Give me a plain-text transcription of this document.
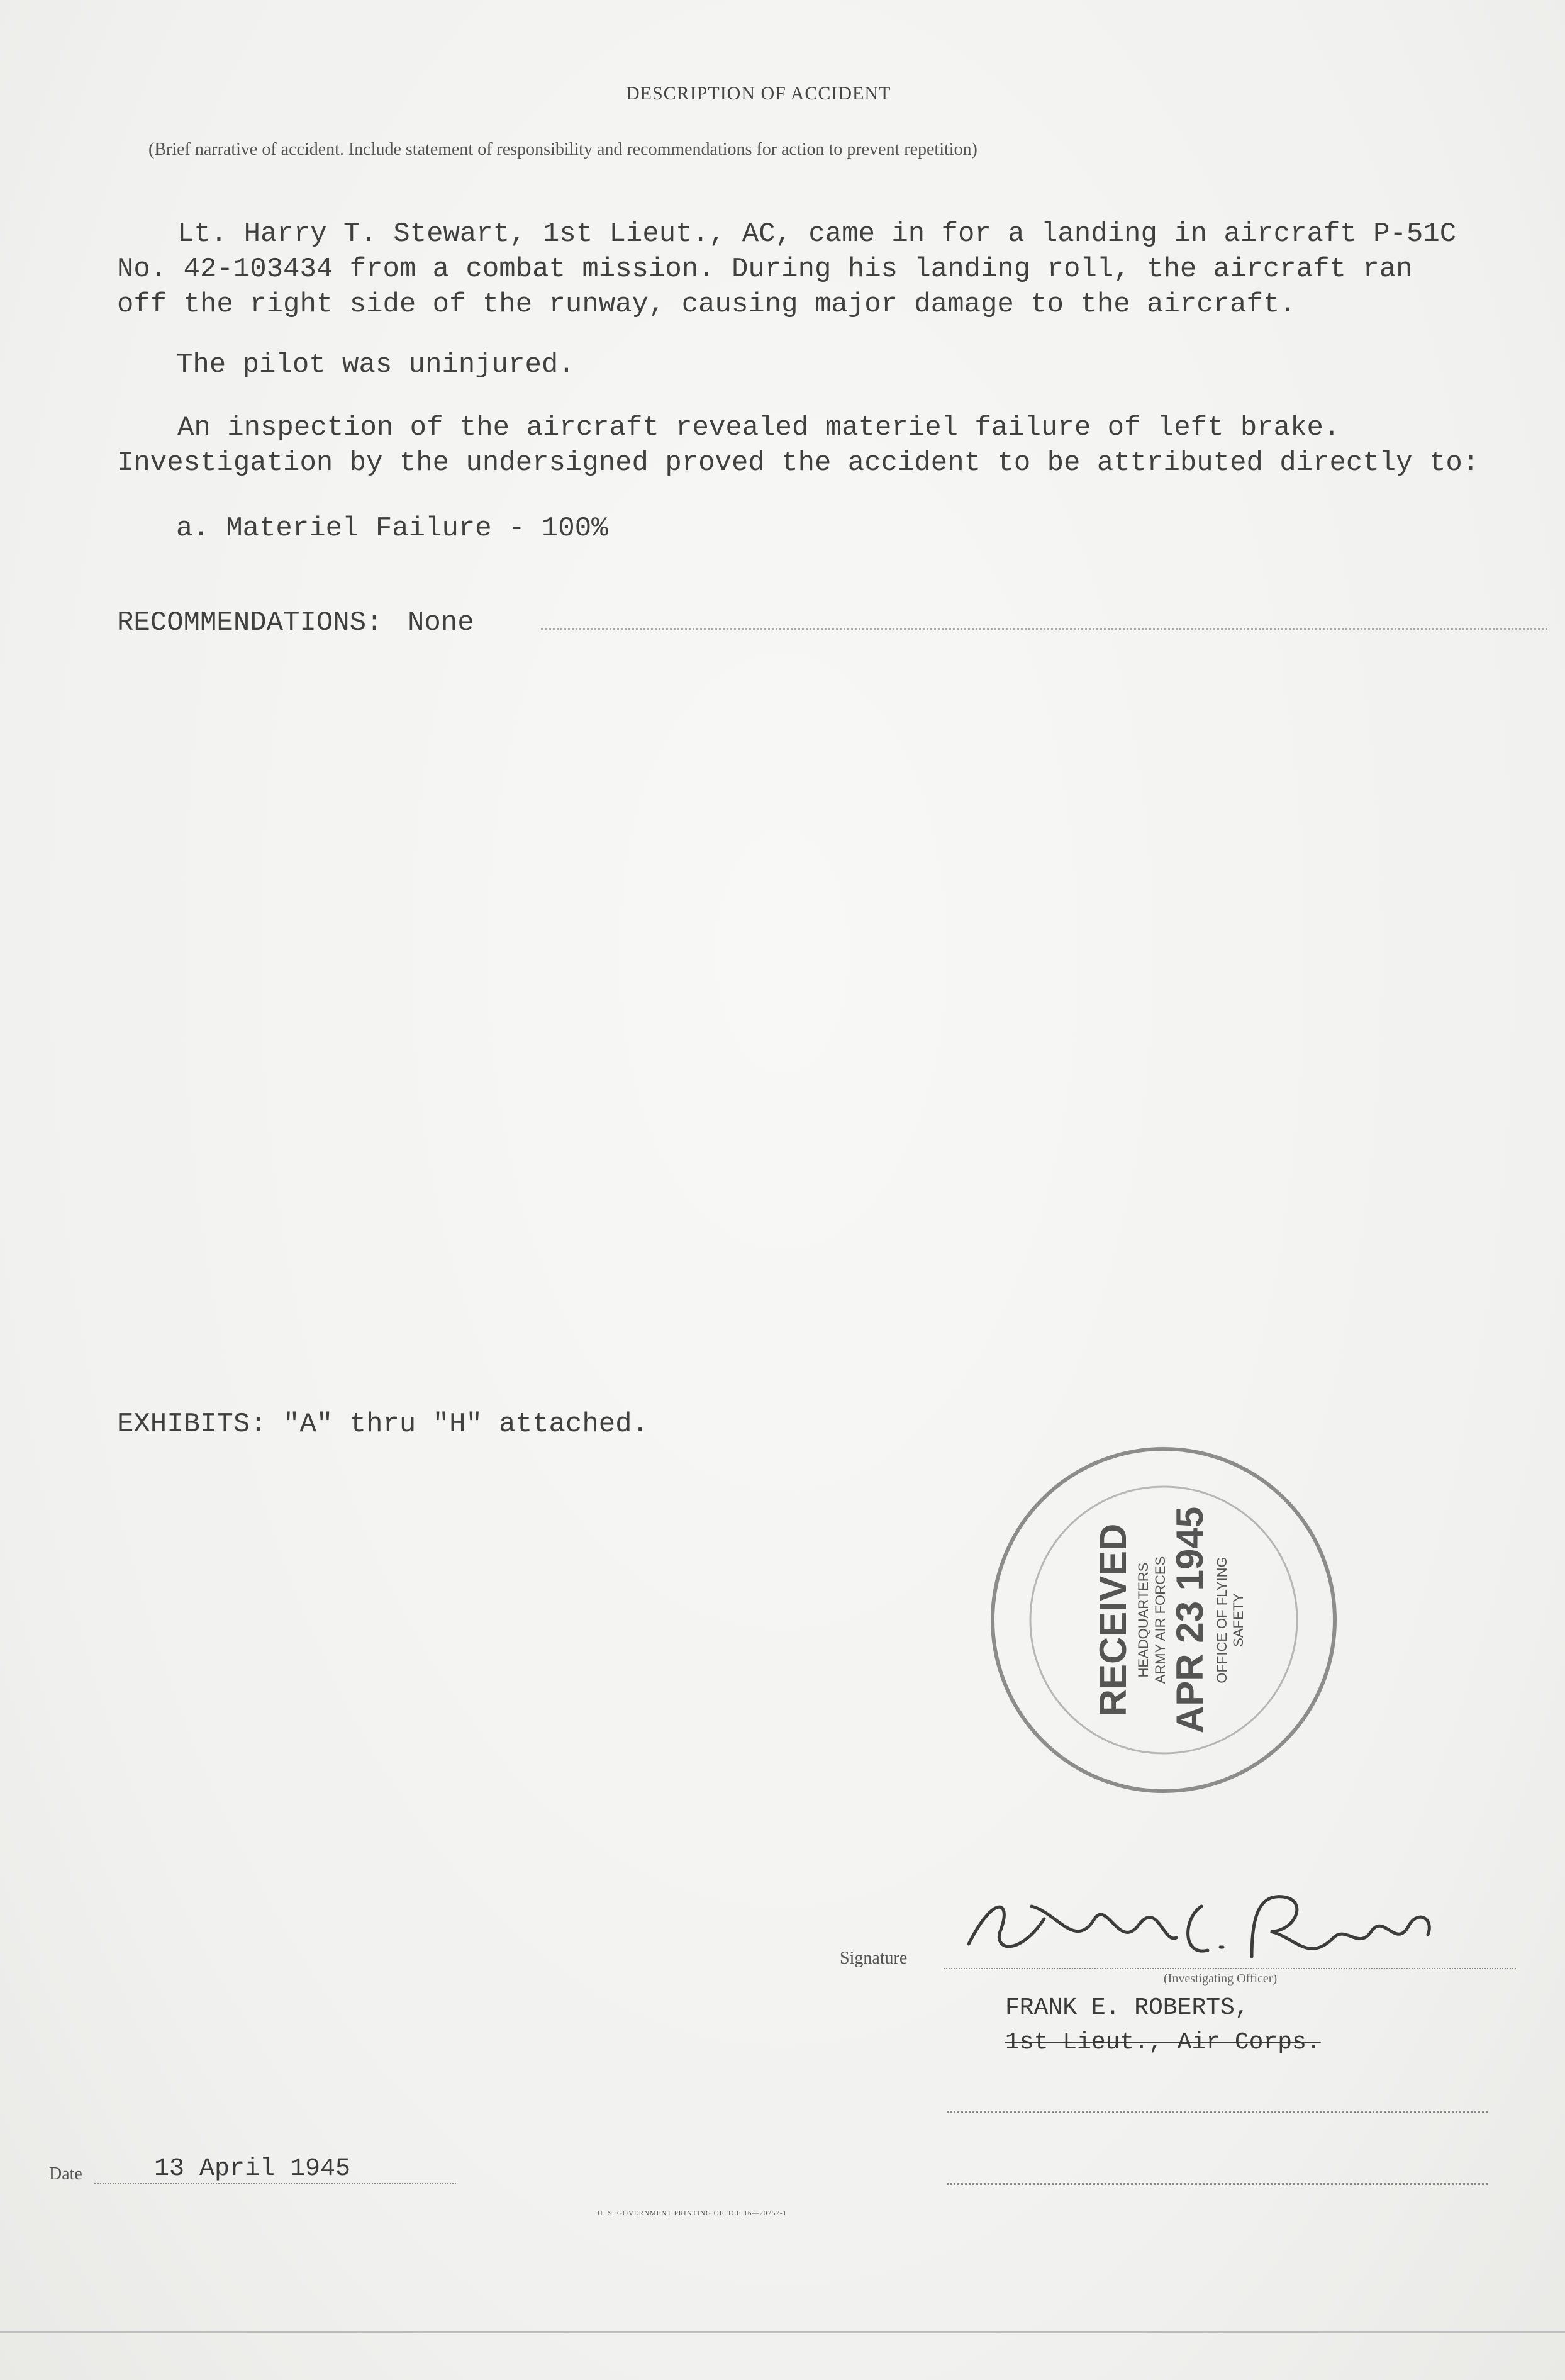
DESCRIPTION OF ACCIDENT
(Brief narrative of accident. Include statement of responsibility and recommendations for action to prevent repetition)
Lt. Harry T. Stewart, 1st Lieut., AC, came in for a landing in aircraft P-51C No. 42-103434 from a combat mission. During his landing roll, the aircraft ran off the right side of the runway, causing major damage to the aircraft.
The pilot was uninjured.
An inspection of the aircraft revealed materiel failure of left brake. Investigation by the undersigned proved the accident to be attributed directly to:
a. Materiel Failure - 100%
RECOMMENDATIONS: None
EXHIBITS: "A" thru "H" attached.
RECEIVED HEADQUARTERS ARMY AIR FORCES APR 23 1945 OFFICE OF FLYING SAFETY
Signature
(Investigating Officer)
FRANK E. ROBERTS,
1st Lieut., Air Corps.
Date	13 April 1945
U. S. GOVERNMENT PRINTING OFFICE 16—20757-1
